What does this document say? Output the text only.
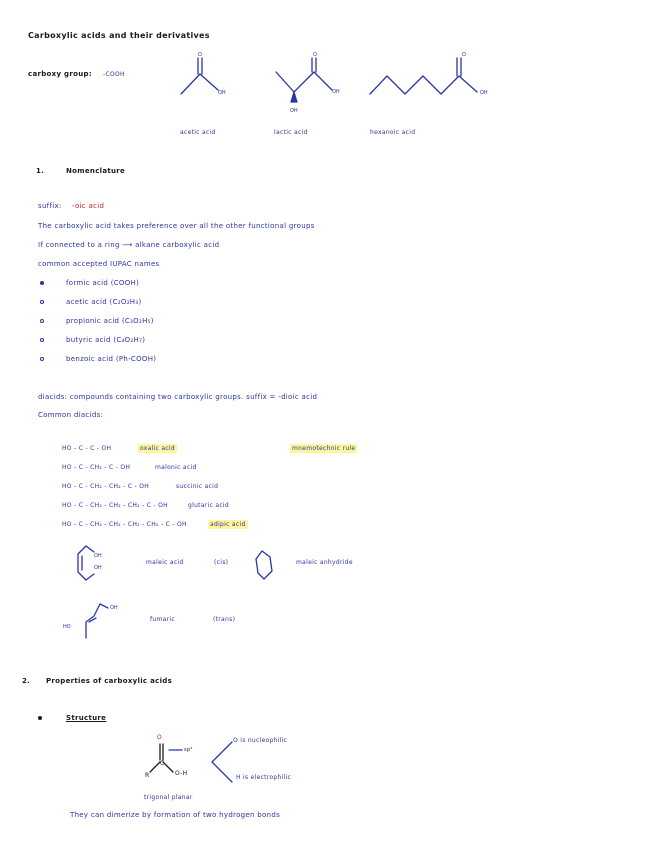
Carboxylic acids and their derivatives
carboxy group: -COOH
O
OH
acetic acid
O
OH
OH
lactic acid
O
OH
hexanoic acid
1.	Nomenclature
suffix: -oic acid
The carboxylic acid takes preference over all the other functional groups
If connected to a ring ⟶ alkane carboxylic acid
common accepted IUPAC names
formic acid (COOH)
acetic acid (C₂O₂H₃)
propionic acid (C₃O₂H₅)
butyric acid (C₄O₂H₇)
benzoic acid (Ph-COOH)
diacids: compounds containing two carboxylic groups. suffix = -dioic acid
Common diacids:
HO - C - C - OH	oxalic acid
HO - C - CH₂ - C - OH	malonic acid
HO - C - CH₂ - CH₂ - C - OH	succinic acid
HO - C - CH₂ - CH₂ - CH₂ - C - OH	glutaric acid
HO - C - CH₂ - CH₂ - CH₂ - CH₂ - C - OH	adipic acid
mnemotechnic rule
OH
OH
maleic acid	(cis)	maleic anhydride
OH
HO
fumaric	(trans)
2. Properties of carboxylic acids
Structure
O
sp²
C
R	O-H
O is nucleophilic
H is electrophilic
trigonal planar
They can dimerize by formation of two hydrogen bonds
